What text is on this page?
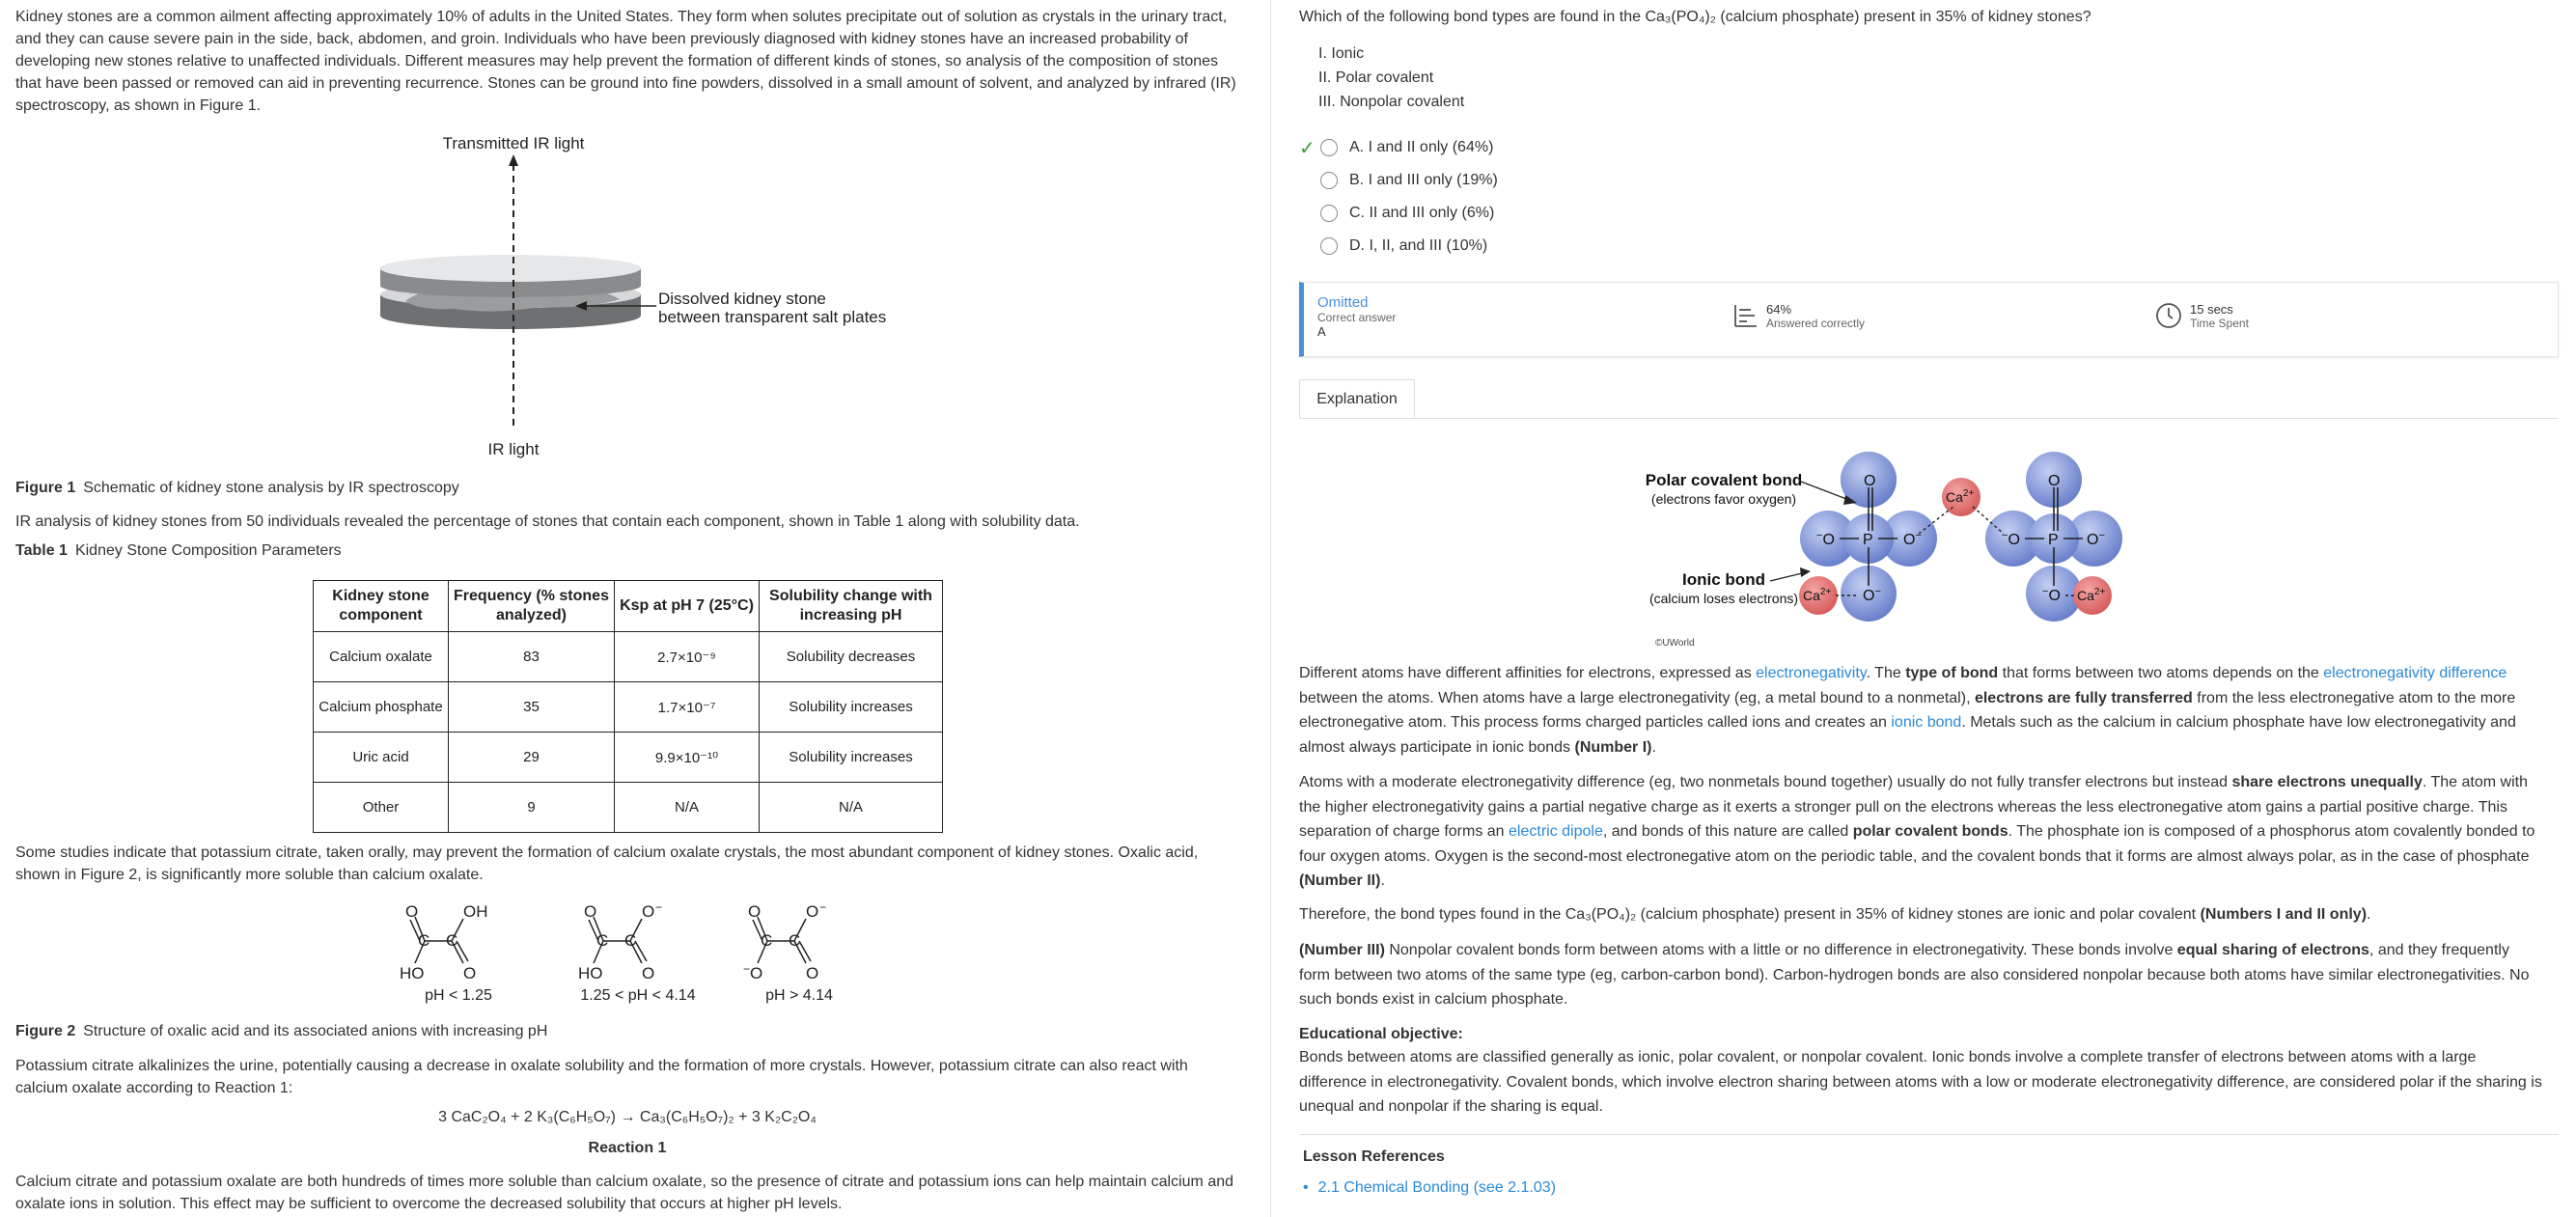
Kidney stones are a common ailment affecting approximately 10% of adults in the United States. They form when solutes precipitate out of solution as crystals in the urinary tract, and they can cause severe pain in the side, back, abdomen, and groin. Individuals who have been previously diagnosed with kidney stones have an increased probability of developing new stones relative to unaffected individuals. Different measures may help prevent the formation of different kinds of stones, so analysis of the composition of stones that have been passed or removed can aid in preventing recurrence. Stones can be ground into fine powders, dissolved in a small amount of solvent, and analyzed by infrared (IR) spectroscopy, as shown in Figure 1.

Transmitted IR light
Dissolved kidney stone
between transparent salt plates
IR light
Figure 1 Schematic of kidney stone analysis by IR spectroscopy

IR analysis of kidney stones from 50 individuals revealed the percentage of stones that contain each component, shown in Table 1 along with solubility data.

Table 1 Kidney Stone Composition Parameters
Kidney stone component	Frequency (% stones analyzed)	Ksp at pH 7 (25°C)	Solubility change with increasing pH
Calcium oxalate	83	2.7×10⁻⁹	Solubility decreases
Calcium phosphate	35	1.7×10⁻⁷	Solubility increases
Uric acid	29	9.9×10⁻¹⁰	Solubility increases
Other	9	N/A	N/A

Some studies indicate that potassium citrate, taken orally, may prevent the formation of calcium oxalate crystals, the most abundant component of kidney stones. Oxalic acid, shown in Figure 2, is significantly more soluble than calcium oxalate.

O	OH
C C
HO O
O	O −
C C
HO O
O	O −
C C
−O	O
pH < 1.25	1.25 < pH < 4.14	pH > 4.14
Figure 2 Structure of oxalic acid and its associated anions with increasing pH

Potassium citrate alkalinizes the urine, potentially causing a decrease in oxalate solubility and the formation of more crystals. However, potassium citrate can also react with calcium oxalate according to Reaction 1:

3 CaC₂O₄ + 2 K₃(C₆H₅O₇) → Ca₃(C₆H₅O₇)₂ + 3 K₂C₂O₄
Reaction 1

Calcium citrate and potassium oxalate are both hundreds of times more soluble than calcium oxalate, so the presence of citrate and potassium ions can help maintain calcium and oxalate ions in solution. This effect may be sufficient to overcome the decreased solubility that occurs at higher pH levels.

Which of the following bond types are found in the Ca₃(PO₄)₂ (calcium phosphate) present in 35% of kidney stones?
I. Ionic
II. Polar covalent
III. Nonpolar covalent
✓	A. I and II only (64%)
B. I and III only (19%)
C. II and III only (6%)
D. I, II, and III (10%)
Omitted
Correct answer
A
64%
Answered correctly
15 secs
Time Spent
Explanation
O
P
−O	O−
O−
O
P
−O	O−
−O
$Ca^{2+}$
$Ca^{2+}$	$Ca^{2+}$
Polar covalent bond
(electrons favor oxygen)
Ionic bond
(calcium loses electrons)
©UWorld

Different atoms have different affinities for electrons, expressed as electronegativity. The type of bond that forms between two atoms depends on the electronegativity difference between the atoms. When atoms have a large electronegativity (eg, a metal bound to a nonmetal), electrons are fully transferred from the less electronegative atom to the more electronegative atom. This process forms charged particles called ions and creates an ionic bond. Metals such as the calcium in calcium phosphate have low electronegativity and almost always participate in ionic bonds (Number I).

Atoms with a moderate electronegativity difference (eg, two nonmetals bound together) usually do not fully transfer electrons but instead share electrons unequally. The atom with the higher electronegativity gains a partial negative charge as it exerts a stronger pull on the electrons whereas the less electronegative atom gains a partial positive charge. This separation of charge forms an electric dipole, and bonds of this nature are called polar covalent bonds. The phosphate ion is composed of a phosphorus atom covalently bonded to four oxygen atoms. Oxygen is the second-most electronegative atom on the periodic table, and the covalent bonds that it forms are almost always polar, as in the case of phosphate (Number II).

Therefore, the bond types found in the Ca₃(PO₄)₂ (calcium phosphate) present in 35% of kidney stones are ionic and polar covalent (Numbers I and II only).

(Number III) Nonpolar covalent bonds form between atoms with a little or no difference in electronegativity. These bonds involve equal sharing of electrons, and they frequently form between two atoms of the same type (eg, carbon-carbon bond). Carbon-hydrogen bonds are also considered nonpolar because both atoms have similar electronegativities. No such bonds exist in calcium phosphate.

Educational objective:

Bonds between atoms are classified generally as ionic, polar covalent, or nonpolar covalent. Ionic bonds involve a complete transfer of electrons between atoms with a large difference in electronegativity. Covalent bonds, which involve electron sharing between atoms with a low or moderate electronegativity difference, are considered polar if the sharing is unequal and nonpolar if the sharing is equal.

Lesson References
• 2.1 Chemical Bonding (see 2.1.03)
